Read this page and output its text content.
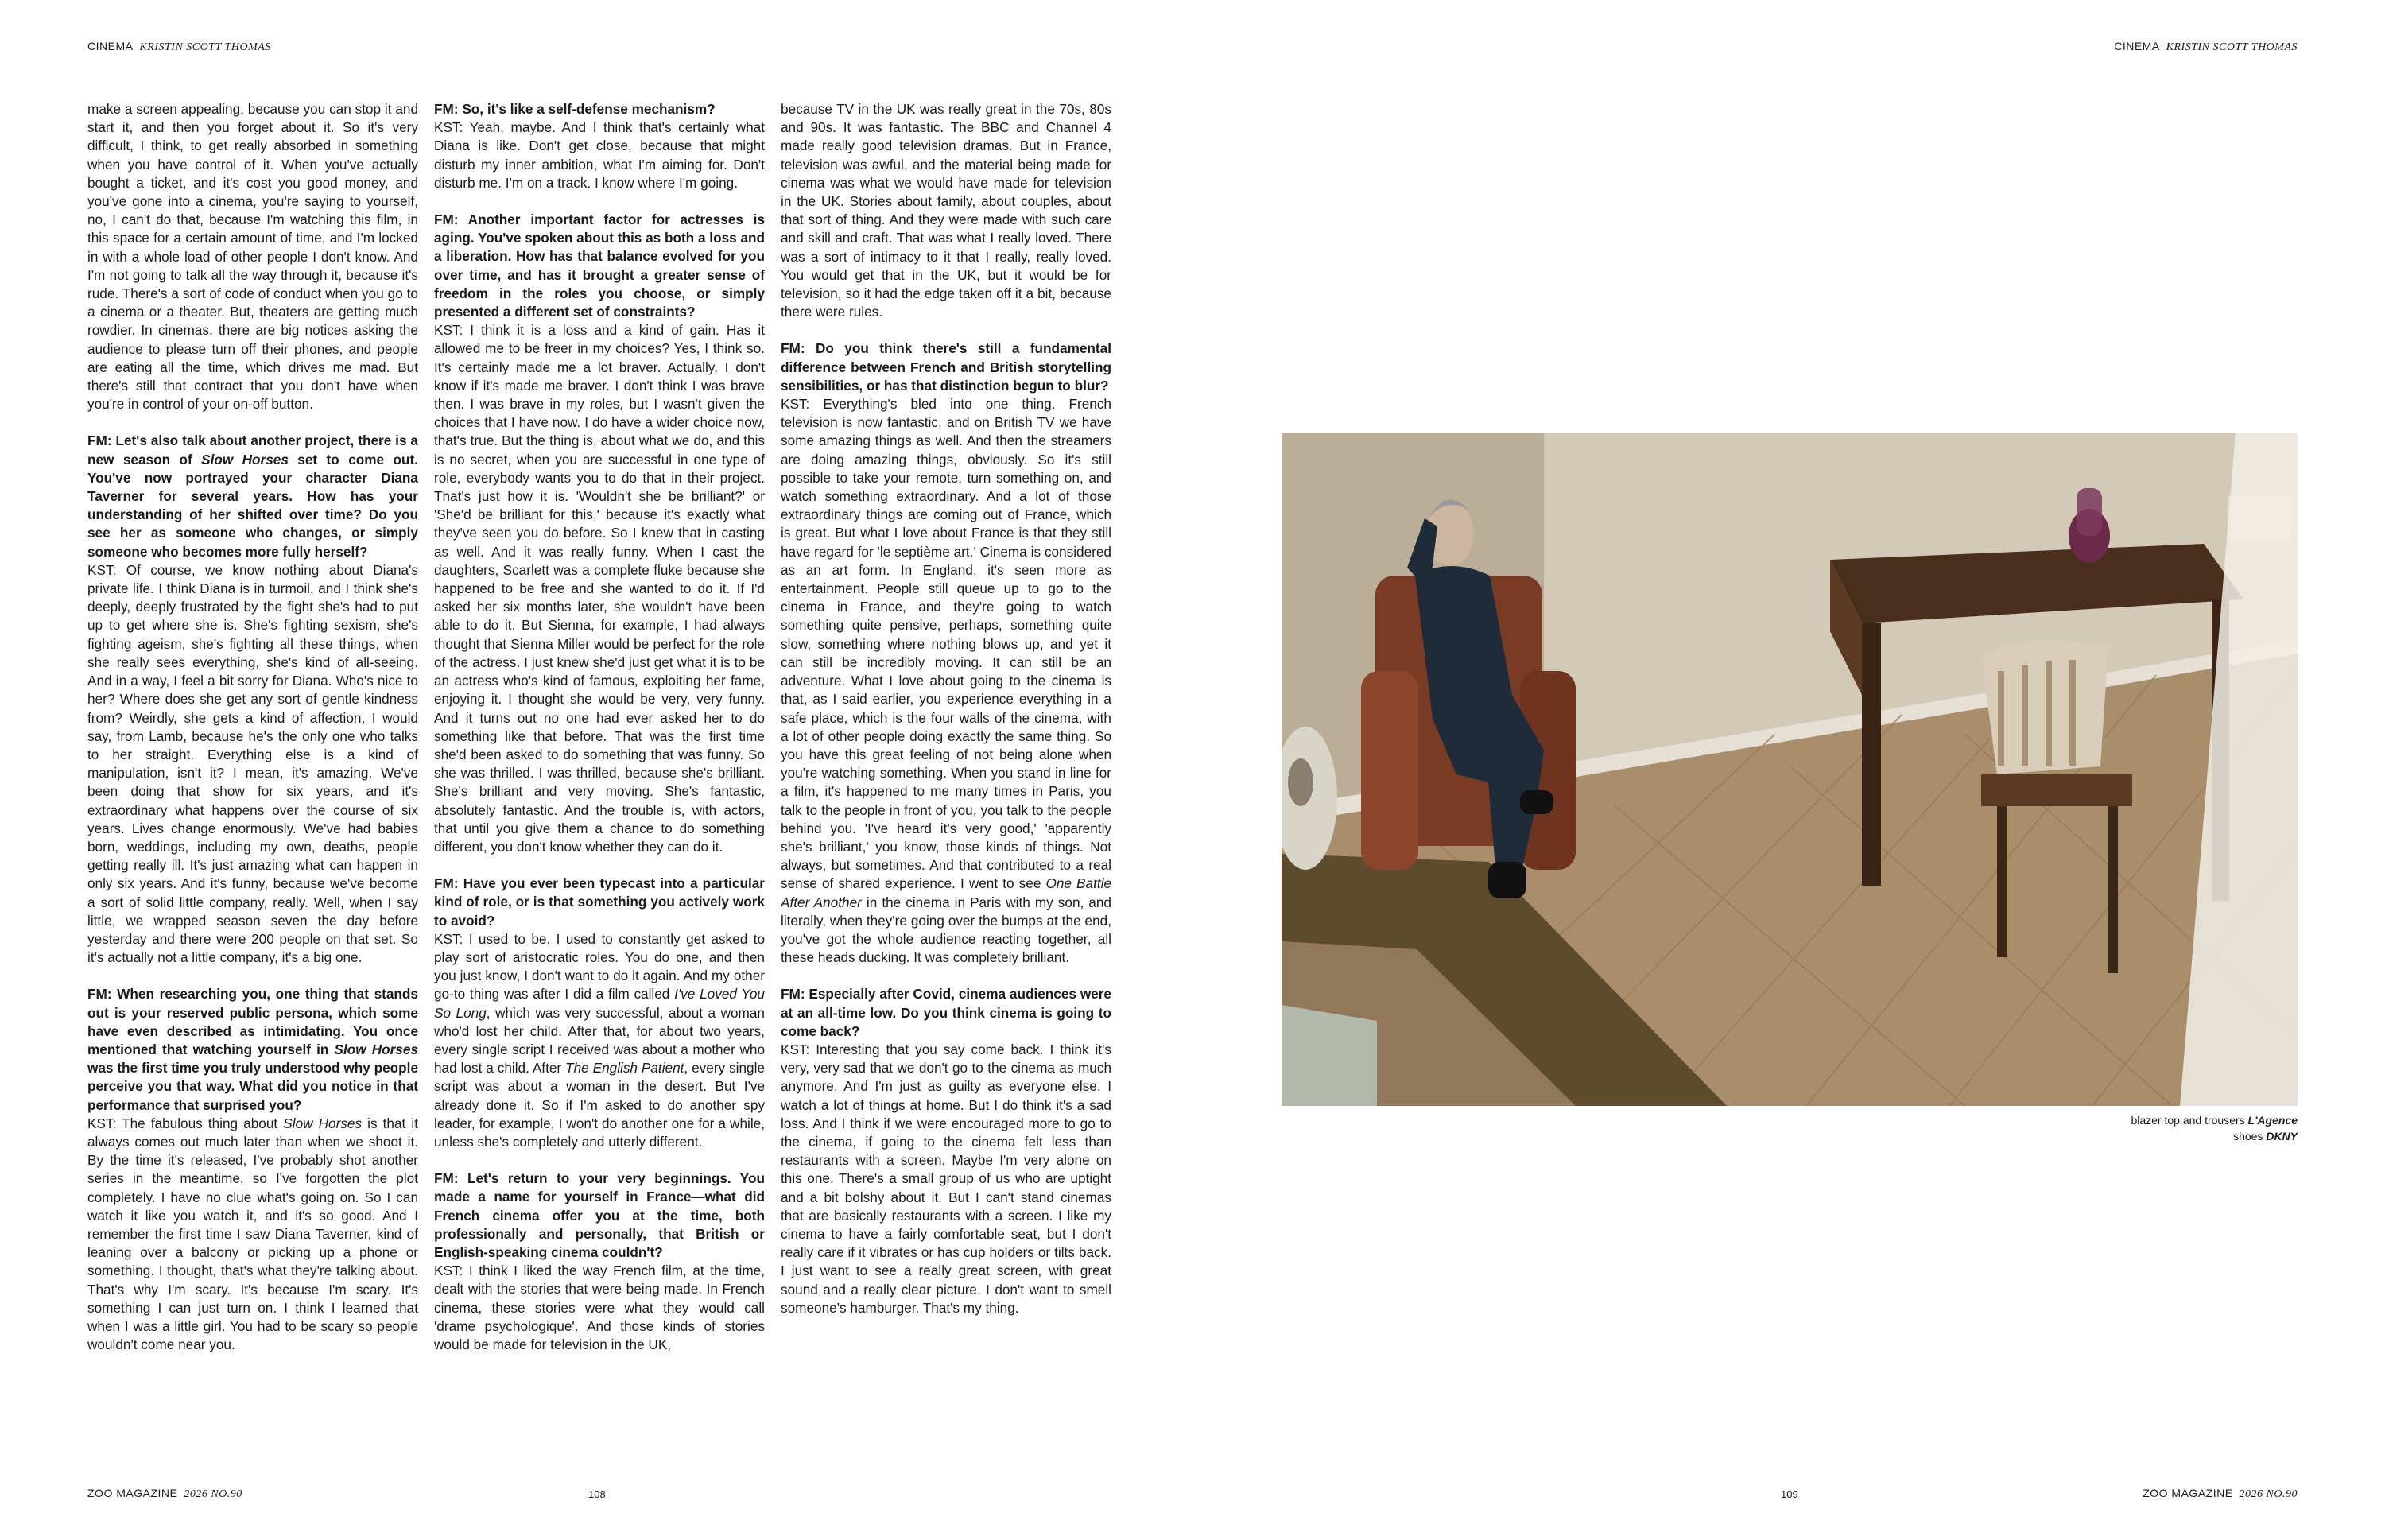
CINEMA KRISTIN SCOTT THOMAS	CINEMA KRISTIN SCOTT THOMAS

make a screen appealing, because you can stop it and start it, and then you forget about it. So it's very difficult, I think, to get really absorbed in something when you have control of it. When you've actually bought a ticket, and it's cost you good money, and you've gone into a cinema, you're saying to yourself, no, I can't do that, because I'm watching this film, in this space for a certain amount of time, and I'm locked in with a whole load of other people I don't know. And I'm not going to talk all the way through it, because it's rude. There's a sort of code of conduct when you go to a cinema or a theater. But, theaters are getting much rowdier. In cinemas, there are big notices asking the audience to please turn off their phones, and people are eating all the time, which drives me mad. But there's still that contract that you don't have when you're in control of your on-off button.

FM: Let's also talk about another project, there is a new season of Slow Horses set to come out. You've now portrayed your character Diana Taverner for several years. How has your understanding of her shifted over time? Do you see her as someone who changes, or simply someone who becomes more fully herself?
KST: Of course, we know nothing about Diana's private life. I think Diana is in turmoil, and I think she's deeply, deeply frustrated by the fight she's had to put up to get where she is. She's fighting sexism, she's fighting ageism, she's fighting all these things, when she really sees everything, she's kind of all-seeing. And in a way, I feel a bit sorry for Diana. Who's nice to her? Where does she get any sort of gentle kindness from? Weirdly, she gets a kind of affection, I would say, from Lamb, because he's the only one who talks to her straight. Everything else is a kind of manipulation, isn't it? I mean, it's amazing. We've been doing that show for six years, and it's extraordinary what happens over the course of six years. Lives change enormously. We've had babies born, weddings, including my own, deaths, people getting really ill. It's just amazing what can happen in only six years. And it's funny, because we've become a sort of solid little company, really. Well, when I say little, we wrapped season seven the day before yesterday and there were 200 people on that set. So it's actually not a little company, it's a big one.

FM: When researching you, one thing that stands out is your reserved public persona, which some have even described as intimidating. You once mentioned that watching yourself in Slow Horses was the first time you truly understood why people perceive you that way. What did you notice in that performance that surprised you?
KST: The fabulous thing about Slow Horses is that it always comes out much later than when we shoot it. By the time it's released, I've probably shot another series in the meantime, so I've forgotten the plot completely. I have no clue what's going on. So I can watch it like you watch it, and it's so good. And I remember the first time I saw Diana Taverner, kind of leaning over a balcony or picking up a phone or something. I thought, that's what they're talking about. That's why I'm scary. It's because I'm scary. It's something I can just turn on. I think I learned that when I was a little girl. You had to be scary so people wouldn't come near you.

FM: So, it's like a self-defense mechanism?
KST: Yeah, maybe. And I think that's certainly what Diana is like. Don't get close, because that might disturb my inner ambition, what I'm aiming for. Don't disturb me. I'm on a track. I know where I'm going.

FM: Another important factor for actresses is aging. You've spoken about this as both a loss and a liberation. How has that balance evolved for you over time, and has it brought a greater sense of freedom in the roles you choose, or simply presented a different set of constraints?
KST: I think it is a loss and a kind of gain. Has it allowed me to be freer in my choices? Yes, I think so. It's certainly made me a lot braver. Actually, I don't know if it's made me braver. I don't think I was brave then. I was brave in my roles, but I wasn't given the choices that I have now. I do have a wider choice now, that's true. But the thing is, about what we do, and this is no secret, when you are successful in one type of role, everybody wants you to do that in their project. That's just how it is. 'Wouldn't she be brilliant?' or 'She'd be brilliant for this,' because it's exactly what they've seen you do before. So I knew that in casting as well. And it was really funny. When I cast the daughters, Scarlett was a complete fluke because she happened to be free and she wanted to do it. If I'd asked her six months later, she wouldn't have been able to do it. But Sienna, for example, I had always thought that Sienna Miller would be perfect for the role of the actress. I just knew she'd just get what it is to be an actress who's kind of famous, exploiting her fame, enjoying it. I thought she would be very, very funny. And it turns out no one had ever asked her to do something like that before. That was the first time she'd been asked to do something that was funny. So she was thrilled. I was thrilled, because she's brilliant. She's brilliant and very moving. She's fantastic, absolutely fantastic. And the trouble is, with actors, that until you give them a chance to do something different, you don't know whether they can do it.

FM: Have you ever been typecast into a particular kind of role, or is that something you actively work to avoid?
KST: I used to be. I used to constantly get asked to play sort of aristocratic roles. You do one, and then you just know, I don't want to do it again. And my other go-to thing was after I did a film called I've Loved You So Long, which was very successful, about a woman who'd lost her child. After that, for about two years, every single script I received was about a mother who had lost a child. After The English Patient, every single script was about a woman in the desert. But I've already done it. So if I'm asked to do another spy leader, for example, I won't do another one for a while, unless she's completely and utterly different.

FM: Let's return to your very beginnings. You made a name for yourself in France—what did French cinema offer you at the time, both professionally and personally, that British or English-speaking cinema couldn't?
KST: I think I liked the way French film, at the time, dealt with the stories that were being made. In French cinema, these stories were what they would call 'drame psychologique'. And those kinds of stories would be made for television in the UK,

because TV in the UK was really great in the 70s, 80s and 90s. It was fantastic. The BBC and Channel 4 made really good television dramas. But in France, television was awful, and the material being made for cinema was what we would have made for television in the UK. Stories about family, about couples, about that sort of thing. And they were made with such care and skill and craft. That was what I really loved. There was a sort of intimacy to it that I really, really loved. You would get that in the UK, but it would be for television, so it had the edge taken off it a bit, because there were rules.

FM: Do you think there's still a fundamental difference between French and British storytelling sensibilities, or has that distinction begun to blur?
KST: Everything's bled into one thing. French television is now fantastic, and on British TV we have some amazing things as well. And then the streamers are doing amazing things, obviously. So it's still possible to take your remote, turn something on, and watch something extraordinary. And a lot of those extraordinary things are coming out of France, which is great. But what I love about France is that they still have regard for 'le septième art.' Cinema is considered as an art form. In England, it's seen more as entertainment. People still queue up to go to the cinema in France, and they're going to watch something quite pensive, perhaps, something quite slow, something where nothing blows up, and yet it can still be incredibly moving. It can still be an adventure. What I love about going to the cinema is that, as I said earlier, you experience everything in a safe place, which is the four walls of the cinema, with a lot of other people doing exactly the same thing. So you have this great feeling of not being alone when you're watching something. When you stand in line for a film, it's happened to me many times in Paris, you talk to the people in front of you, you talk to the people behind you. 'I've heard it's very good,' 'apparently she's brilliant,' you know, those kinds of things. Not always, but sometimes. And that contributed to a real sense of shared experience. I went to see One Battle After Another in the cinema in Paris with my son, and literally, when they're going over the bumps at the end, you've got the whole audience reacting together, all these heads ducking. It was completely brilliant.

FM: Especially after Covid, cinema audiences were at an all-time low. Do you think cinema is going to come back?
KST: Interesting that you say come back. I think it's very, very sad that we don't go to the cinema as much anymore. And I'm just as guilty as everyone else. I watch a lot of things at home. But I do think it's a sad loss. And I think if we were encouraged more to go to the cinema, if going to the cinema felt less than restaurants with a screen. Maybe I'm very alone on this one. There's a small group of us who are uptight and a bit bolshy about it. But I can't stand cinemas that are basically restaurants with a screen. I like my cinema to have a fairly comfortable seat, but I don't really care if it vibrates or has cup holders or tilts back. I just want to see a really great screen, with great sound and a really clear picture. I don't want to smell someone's hamburger. That's my thing.

blazer top and trousers L'Agence
shoes DKNY
ZOO MAGAZINE 2026 NO.90	108	109	ZOO MAGAZINE 2026 NO.90
